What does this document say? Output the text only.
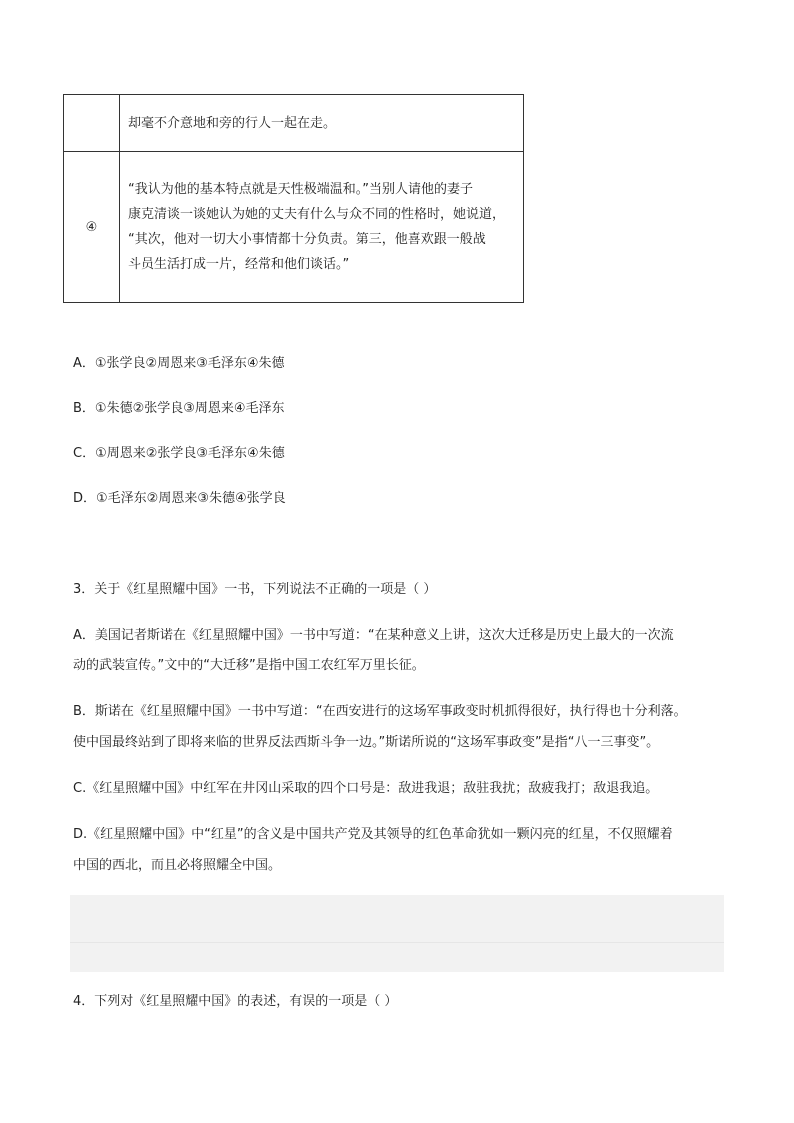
	却毫不介意地和旁的行人一起在走。

④	“我认为他的基本特点就是天性极端温和。”当别人请他的妻子
康克清谈一谈她认为她的丈夫有什么与众不同的性格时，她说道，
“其次，他对一切大小事情都十分负责。第三，他喜欢跟一般战
斗员生活打成一片，经常和他们谈话。”
A．①张学良②周恩来③毛泽东④朱德
B．①朱德②张学良③周恩来④毛泽东
C．①周恩来②张学良③毛泽东④朱德
D．①毛泽东②周恩来③朱德④张学良
3．关于《红星照耀中国》一书，下列说法不正确的一项是（ ）
A．美国记者斯诺在《红星照耀中国》一书中写道：“在某种意义上讲，这次大迁移是历史上最大的一次流
动的武装宣传。”文中的“大迁移”是指中国工农红军万里长征。
B．斯诺在《红星照耀中国》一书中写道：“在西安进行的这场军事政变时机抓得很好，执行得也十分利落。
使中国最终站到了即将来临的世界反法西斯斗争一边。”斯诺所说的“这场军事政变”是指“八一三事变”。
C.《红星照耀中国》中红军在井冈山采取的四个口号是：敌进我退；敌驻我扰；敌疲我打；敌退我追。
D.《红星照耀中国》中“红星”的含义是中国共产党及其领导的红色革命犹如一颗闪亮的红星，不仅照耀着
中国的西北，而且必将照耀全中国。
4．下列对《红星照耀中国》的表述，有误的一项是（ ）
